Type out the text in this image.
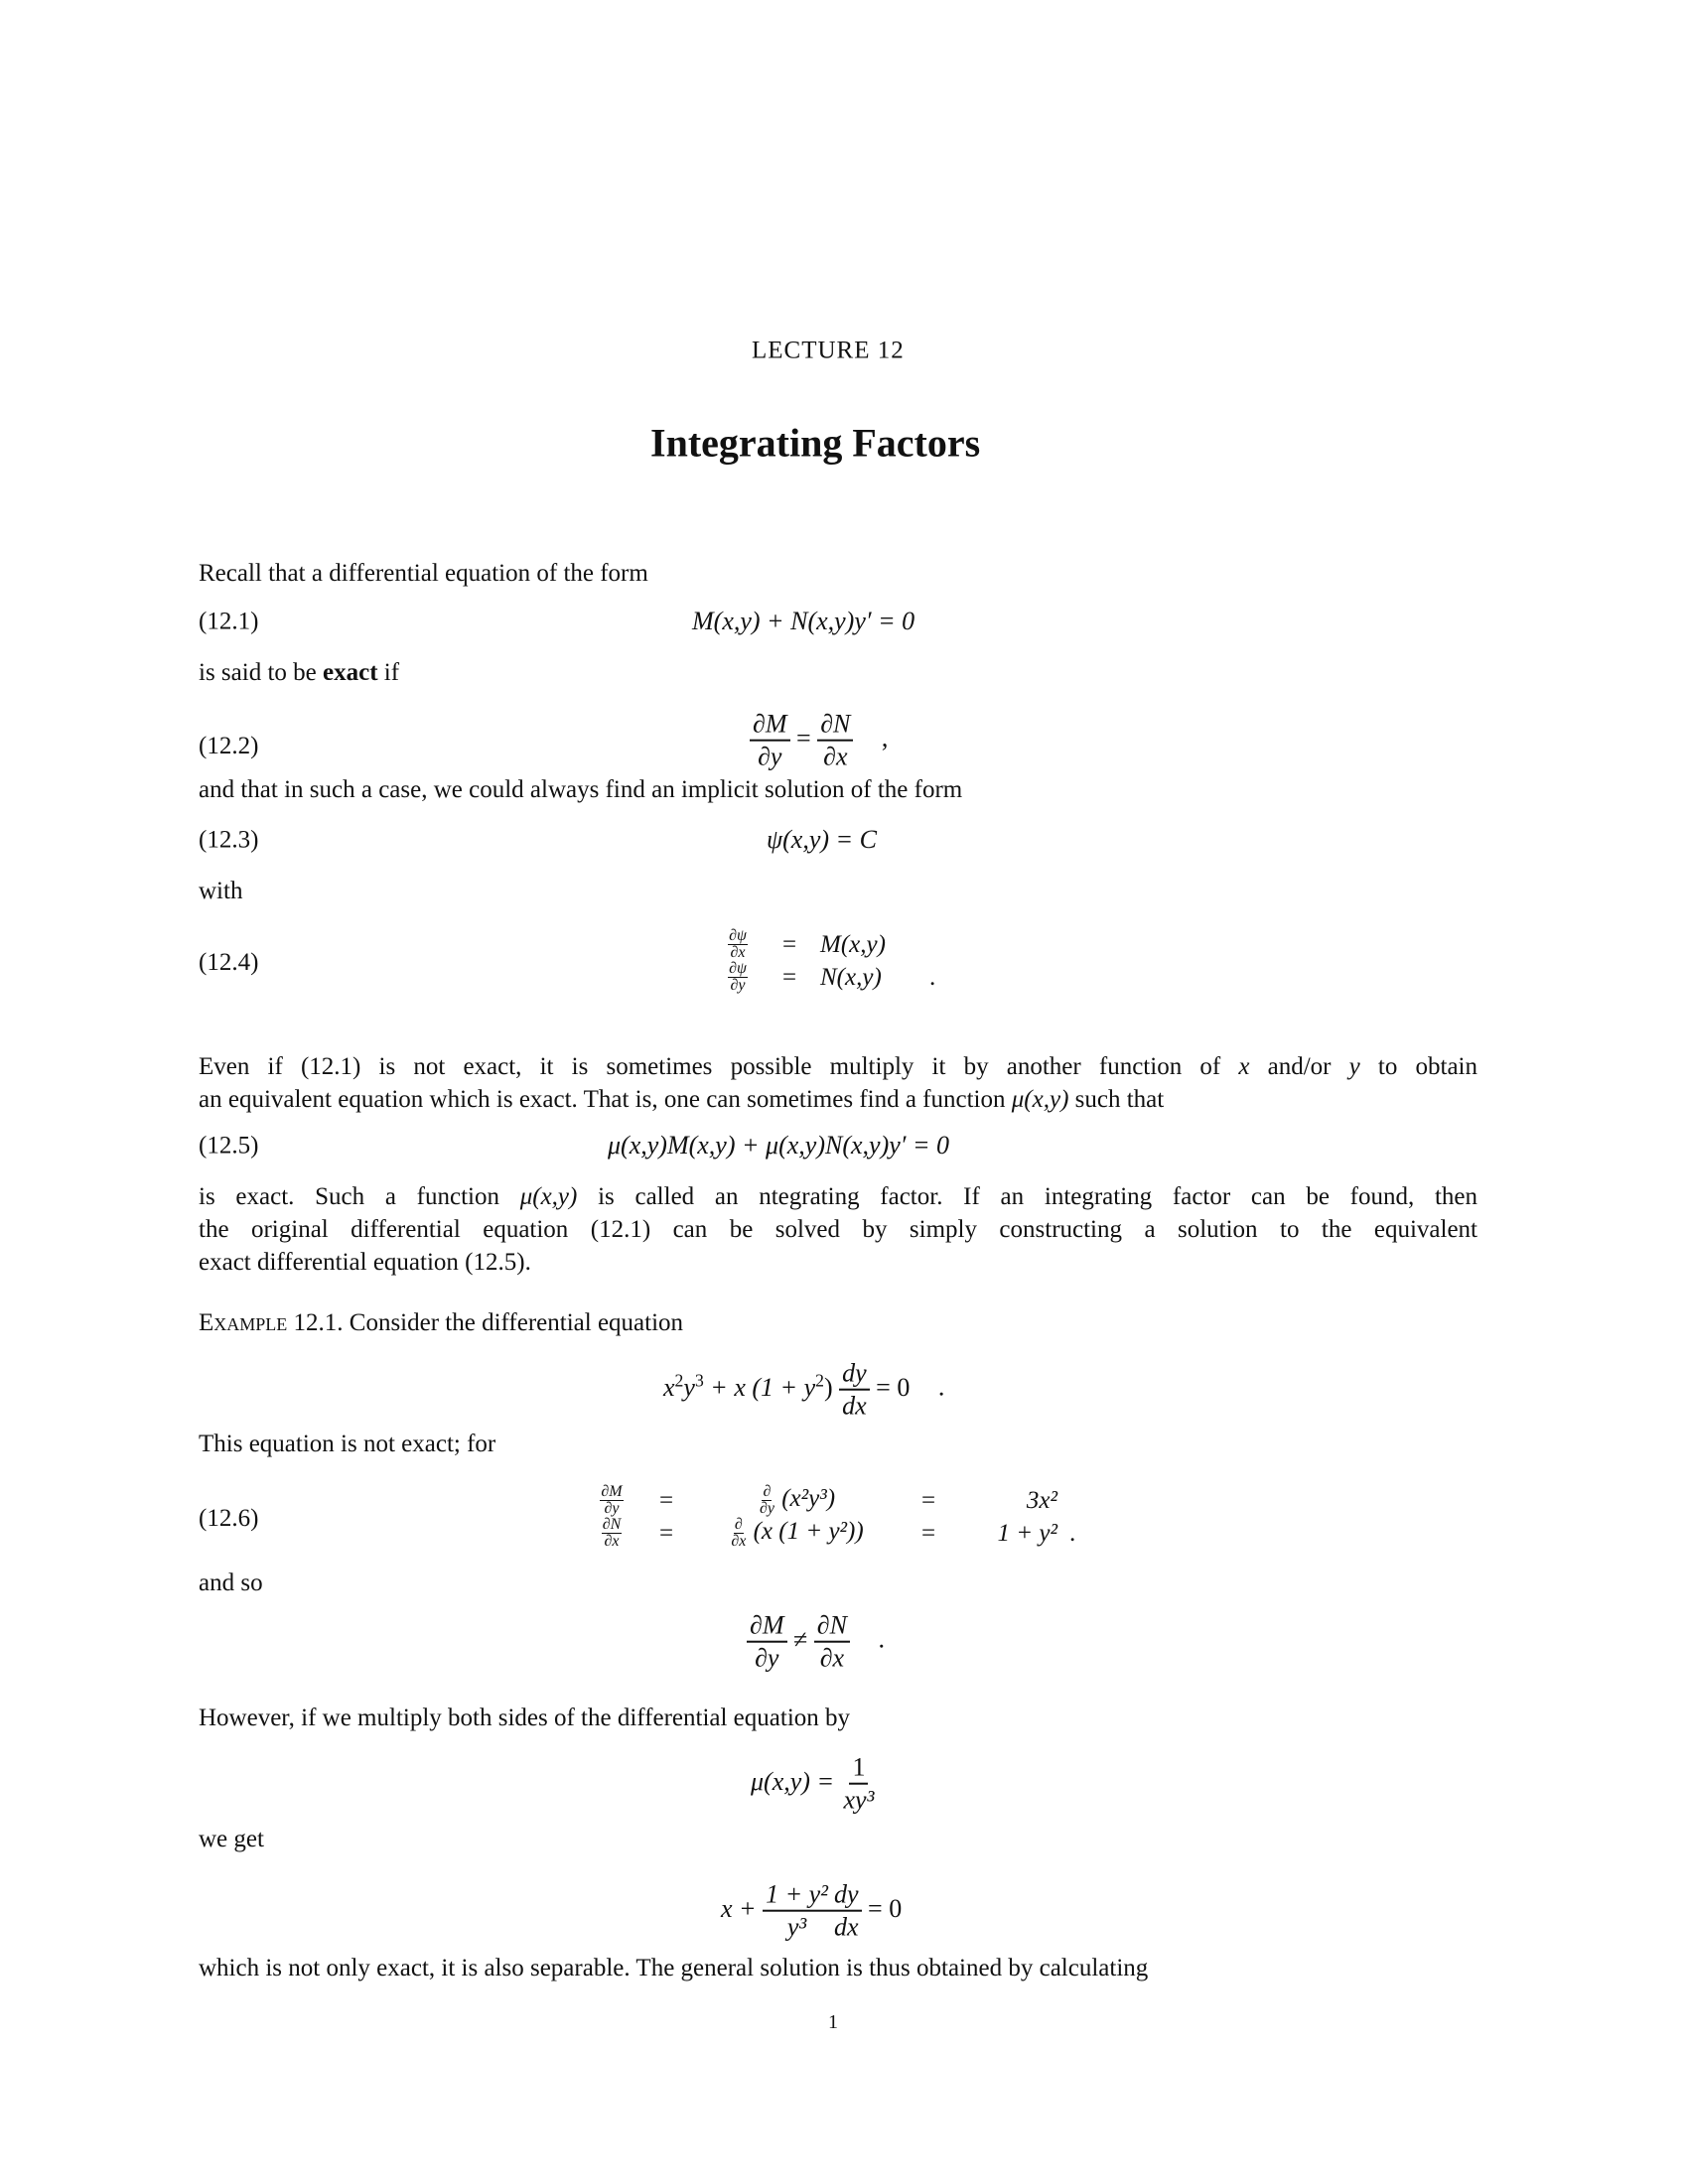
LECTURE 12
Integrating Factors
Recall that a differential equation of the form
(12.1)	M(x,y) + N(x,y)y′ = 0
is said to be exact if
(12.2)	$\frac{\partial M}{\partial y} = \frac{\partial N}{\partial x}$ ,
and that in such a case, we could always find an implicit solution of the form
(12.3)	ψ(x,y) = C
with
(12.4)
$\frac{\partial\psi}{\partial x} = M(x,y)$
$\frac{\partial\psi}{\partial y} = N(x,y)$	.
Even if (12.1) is not exact, it is sometimes possible multiply it by another function of x and/or y to obtain
an equivalent equation which is exact. That is, one can sometimes find a function μ(x,y) such that
(12.5)	μ(x,y)M(x,y) + μ(x,y)N(x,y)y′ = 0
is exact. Such a function μ(x,y) is called an ntegrating factor. If an integrating factor can be found, then
the original differential equation (12.1) can be solved by simply constructing a solution to the equivalent
exact differential equation (12.5).
Example 12.1. Consider the differential equation
$x^2y^3 + x$ $(1 + y^2) \frac{dy}{dx} = 0$ .
This equation is not exact; for
(12.6)
$\frac{\partial M}{\partial y}$	=	$\frac{\partial}{\partial y} (x^2y^3)$	=	3x²
$\frac{\partial N}{\partial x}$	=	$\frac{\partial}{\partial x} (x$ (1 + y²))	=	1 + y² .
and so
$\frac{\partial M}{\partial y} \ne \frac{\partial N}{\partial x}$ .
However, if we multiply both sides of the differential equation by
$\mu(x,y) = \frac{1}{\text{xy³}}$
we get
$x + \frac{\text{1 + y²}}{\text{y³}} \frac{dy}{dx} = 0$
which is not only exact, it is also separable. The general solution is thus obtained by calculating
1
